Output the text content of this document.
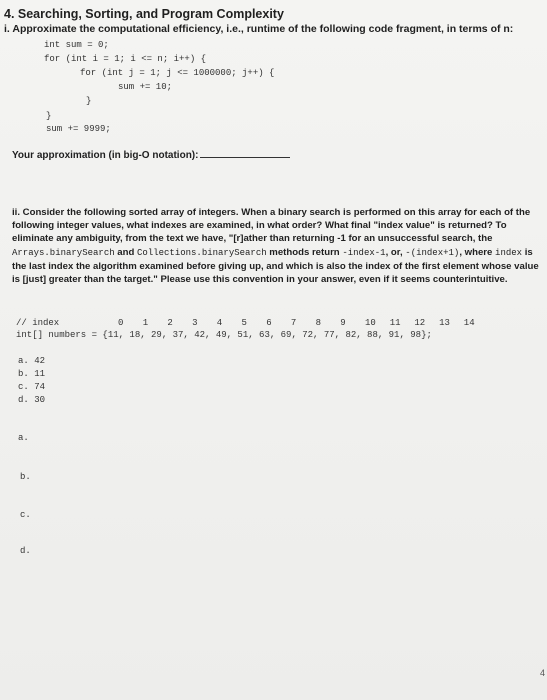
4. Searching, Sorting, and Program Complexity
i. Approximate the computational efficiency, i.e., runtime of the following code fragment, in terms of n:
int sum = 0;
for (int i = 1; i <= n; i++) {
for (int j = 1; j <= 1000000; j++) {
sum += 10;
}
}
sum += 9999;
Your approximation (in big-O notation):
ii. Consider the following sorted array of integers. When a binary search is performed on this array for each of the following integer values, what indexes are examined, in what order? What final "index value" is returned? To eliminate any ambiguity, from the text we have, "[r]ather than returning -1 for an unsuccessful search, the Arrays.binarySearch and Collections.binarySearch methods return -index-1, or, -(index+1), where index is the last index the algorithm examined before giving up, and which is also the index of the first element whose value is [just] greater than the target." Please use this convention in your answer, even if it seems counterintuitive.
// index	0 1 2 3 4 5 6 7 8 9 10 11 12 13 14
int[] numbers = {11, 18, 29, 37, 42, 49, 51, 63, 69, 72, 77, 82, 88, 91, 98};
a. 42
b. 11
c. 74
d. 30
a.
b.
c.
d.
4
